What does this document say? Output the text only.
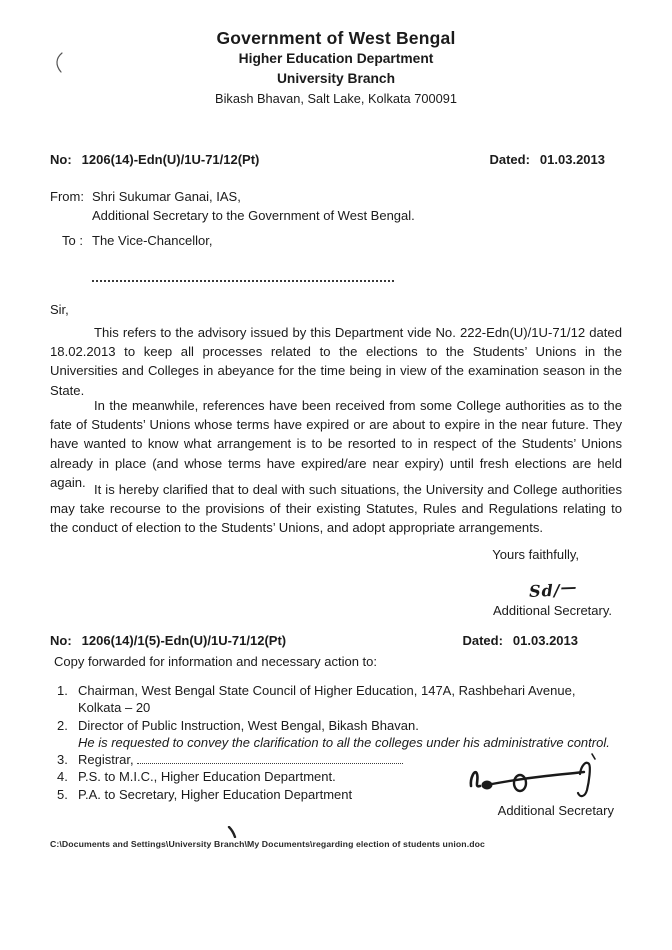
Government of West Bengal
Higher Education Department
University Branch
Bikash Bhavan, Salt Lake, Kolkata 700091
No: 1206(14)-Edn(U)/1U-71/12(Pt)	Dated: 01.03.2013
From: Shri Sukumar Ganai, IAS,
Additional Secretary to the Government of West Bengal.
To : The Vice-Chancellor,
Sir,
This refers to the advisory issued by this Department vide No. 222-Edn(U)/1U-71/12 dated 18.02.2013 to keep all processes related to the elections to the Students’ Unions in the Universities and Colleges in abeyance for the time being in view of the examination season in the State.
In the meanwhile, references have been received from some College authorities as to the fate of Students’ Unions whose terms have expired or are about to expire in the near future. They have wanted to know what arrangement is to be resorted to in respect of the Students’ Unions already in place (and whose terms have expired/are near expiry) until fresh elections are held again. It is hereby clarified that to deal with such situations, the University and College authorities may take recourse to the provisions of their existing Statutes, Rules and Regulations relating to the conduct of election to the Students’ Unions, and adopt appropriate arrangements.
Yours faithfully,
Sd/—
Additional Secretary.
No: 1206(14)/1(5)-Edn(U)/1U-71/12(Pt)	Dated: 01.03.2013
Copy forwarded for information and necessary action to:
1. Chairman, West Bengal State Council of Higher Education, 147A, Rashbehari Avenue, Kolkata – 20
2. Director of Public Instruction, West Bengal, Bikash Bhavan.
He is requested to convey the clarification to all the colleges under his administrative control.
3. Registrar,
4. P.S. to M.I.C., Higher Education Department.
5. P.A. to Secretary, Higher Education Department
Additional Secretary
C:\Documents and Settings\University Branch\My Documents\regarding election of students union.doc
